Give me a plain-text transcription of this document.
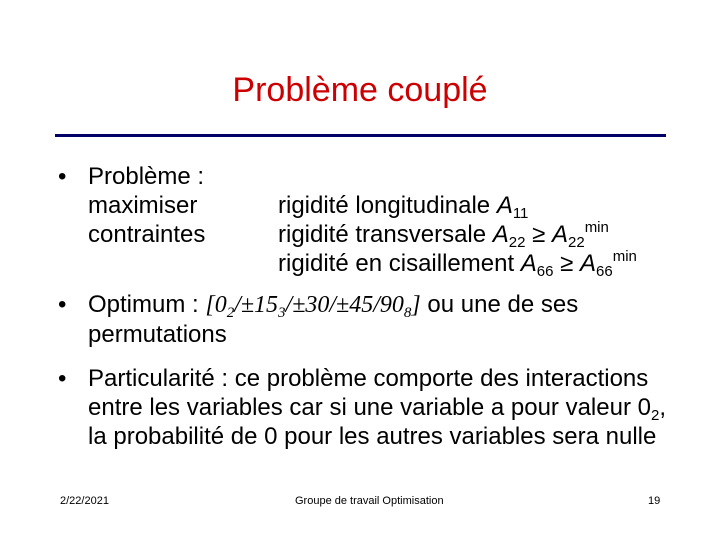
Problème couplé
• Problème :
maximiser
contraintes
rigidité longitudinale $A_{11}$
rigidité transversale $A_{22} \ge A_{22}^{min}$
rigidité en cisaillement $A_{66} \ge A_{66}^{min}$
• Optimum : $[0_2/\pm 15_3/\pm 30/\pm 45/90_8]$ ou une de ses permutations
• Particularité : ce problème comporte des interactions entre les variables car si une variable a pour valeur $0_2$, la probabilité de 0 pour les autres variables sera nulle
2/22/2021	Groupe de travail Optimisation	19
